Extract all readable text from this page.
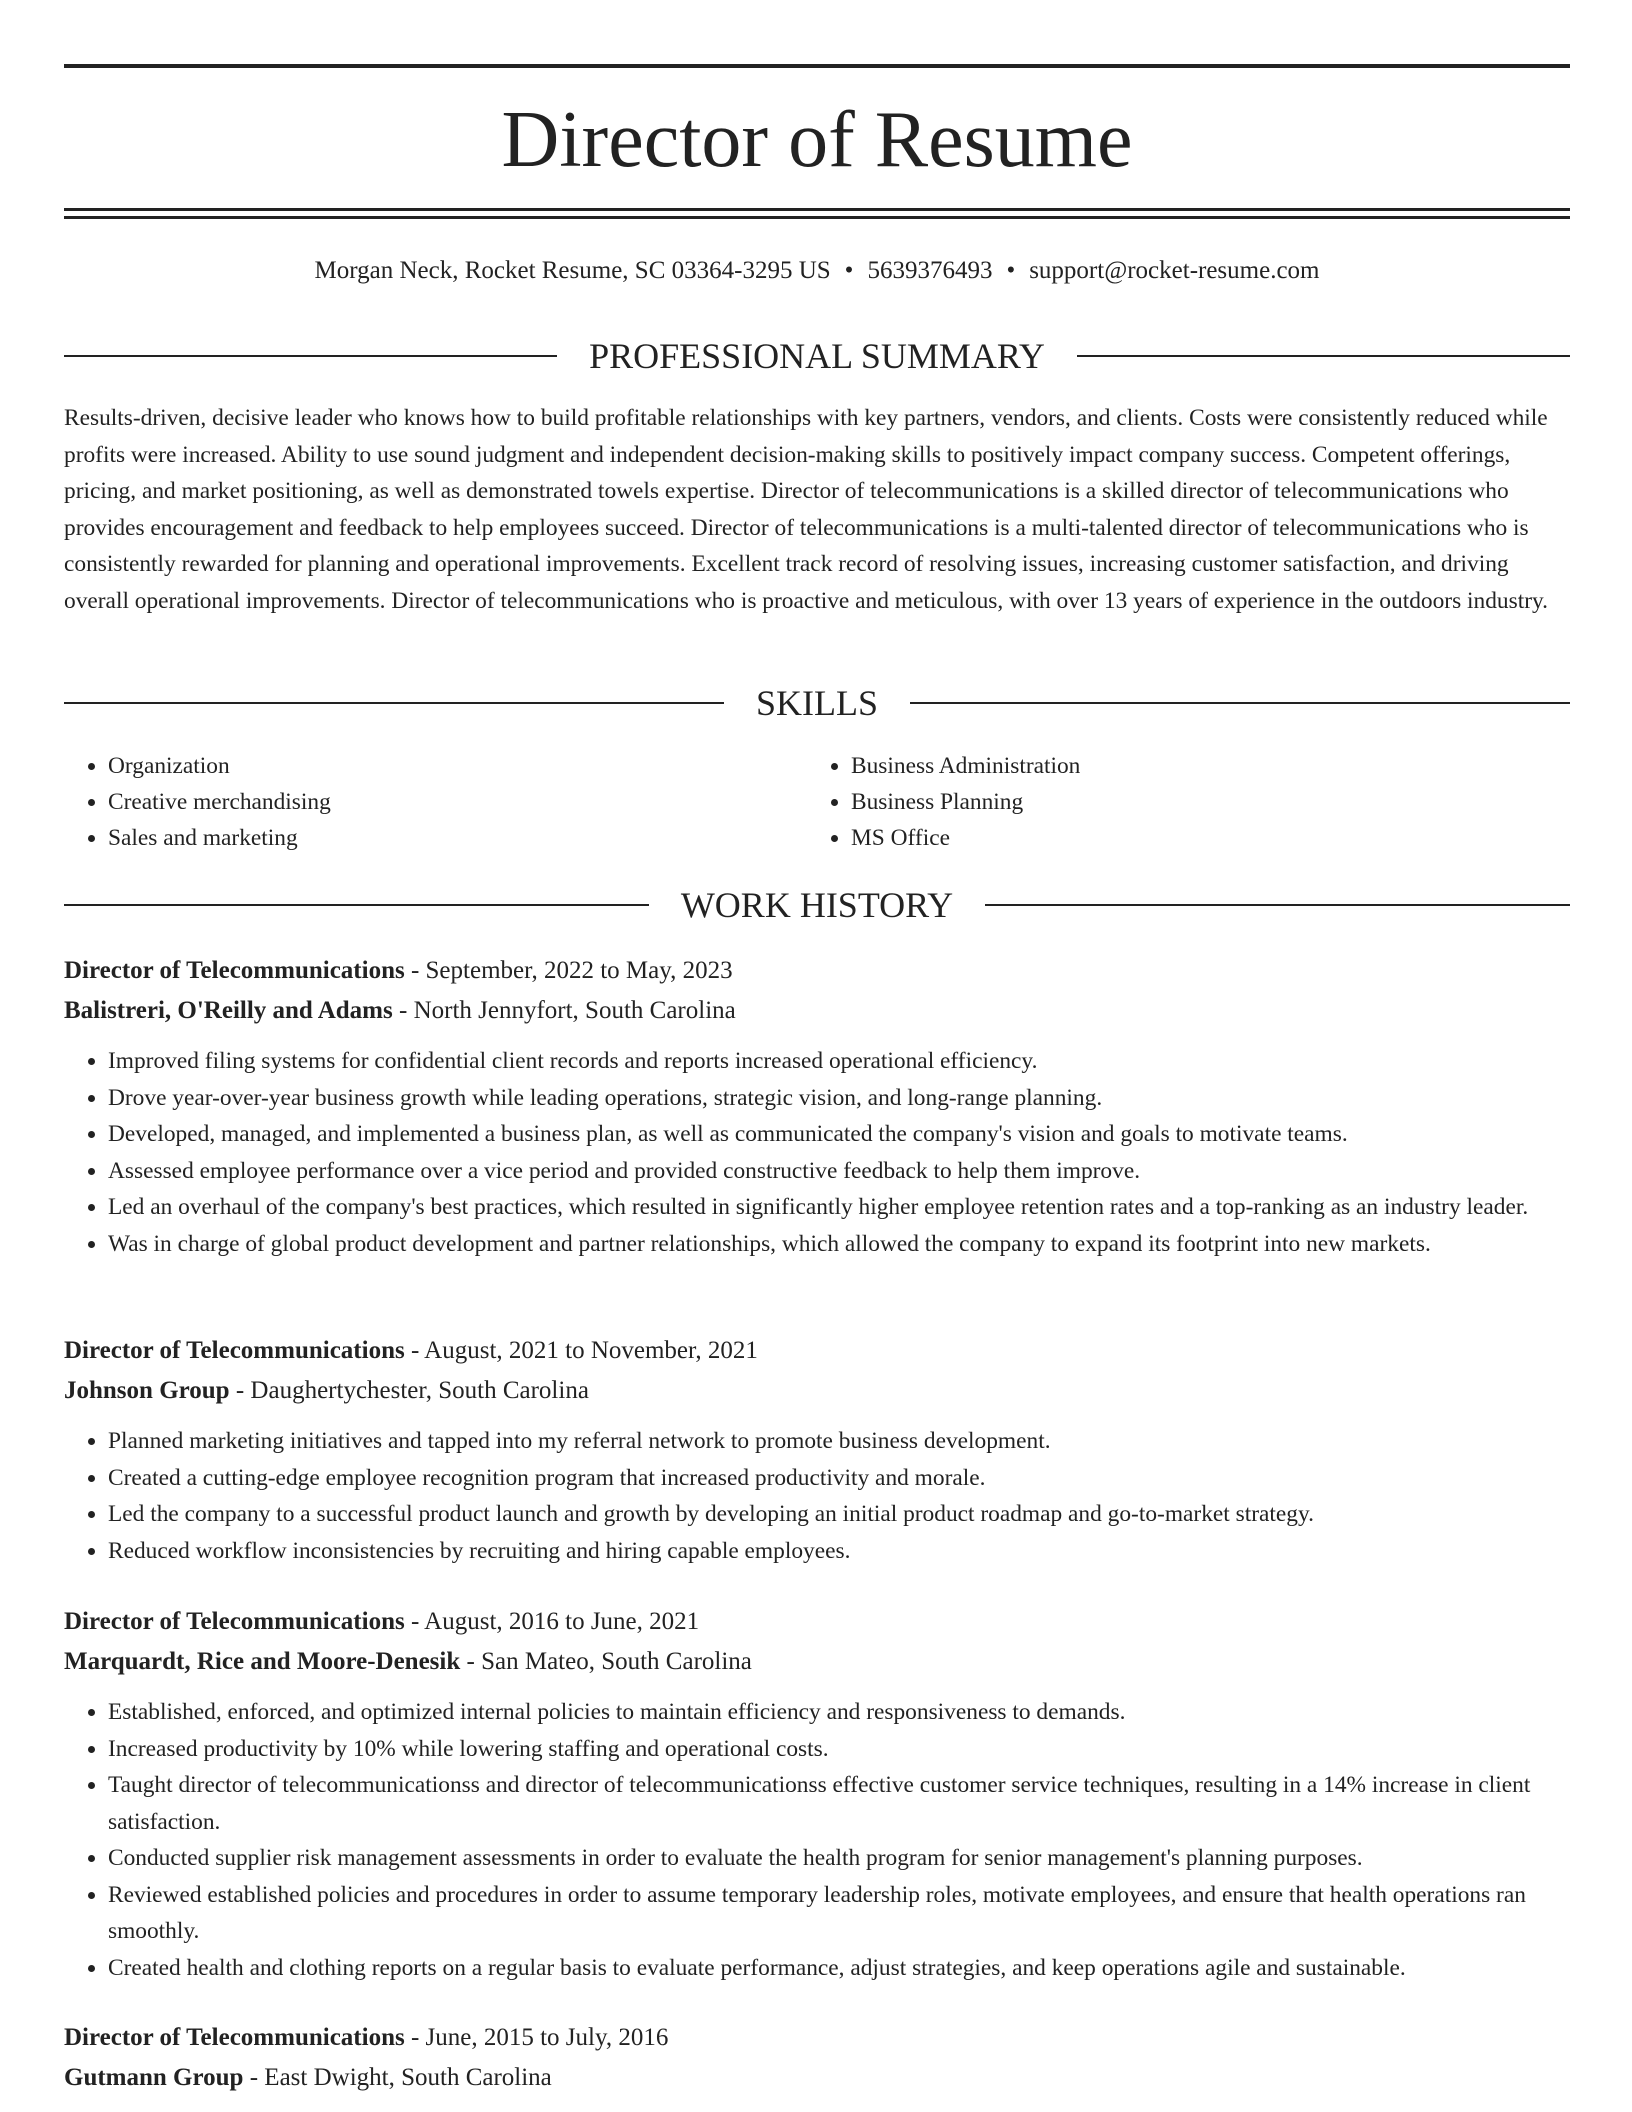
Director of Resume
Morgan Neck, Rocket Resume, SC 03364-3295 US • 5639376493 • support@rocket-resume.com
PROFESSIONAL SUMMARY

Results-driven, decisive leader who knows how to build profitable relationships with key partners, vendors, and clients. Costs were consistently reduced while profits were increased. Ability to use sound judgment and independent decision-making skills to positively impact company success. Competent offerings, pricing, and market positioning, as well as demonstrated towels expertise. Director of telecommunications is a skilled director of telecommunications who provides encouragement and feedback to help employees succeed. Director of telecommunications is a multi-talented director of telecommunications who is consistently rewarded for planning and operational improvements. Excellent track record of resolving issues, increasing customer satisfaction, and driving overall operational improvements. Director of telecommunications who is proactive and meticulous, with over 13 years of experience in the outdoors industry.

SKILLS
• Organization
• Creative merchandising
• Sales and marketing
• Business Administration
• Business Planning
• MS Office
WORK HISTORY
Director of Telecommunications - September, 2022 to May, 2023
Balistreri, O'Reilly and Adams - North Jennyfort, South Carolina
• Improved filing systems for confidential client records and reports increased operational efficiency.
• Drove year-over-year business growth while leading operations, strategic vision, and long-range planning.
• Developed, managed, and implemented a business plan, as well as communicated the company's vision and goals to motivate teams.
• Assessed employee performance over a vice period and provided constructive feedback to help them improve.
• Led an overhaul of the company's best practices, which resulted in significantly higher employee retention rates and a top-ranking as an industry leader.
• Was in charge of global product development and partner relationships, which allowed the company to expand its footprint into new markets.
Director of Telecommunications - August, 2021 to November, 2021
Johnson Group - Daughertychester, South Carolina
• Planned marketing initiatives and tapped into my referral network to promote business development.
• Created a cutting-edge employee recognition program that increased productivity and morale.
• Led the company to a successful product launch and growth by developing an initial product roadmap and go-to-market strategy.
• Reduced workflow inconsistencies by recruiting and hiring capable employees.
Director of Telecommunications - August, 2016 to June, 2021
Marquardt, Rice and Moore-Denesik - San Mateo, South Carolina
• Established, enforced, and optimized internal policies to maintain efficiency and responsiveness to demands.
• Increased productivity by 10% while lowering staffing and operational costs.
• Taught director of telecommunicationss and director of telecommunicationss effective customer service techniques, resulting in a 14% increase in client satisfaction.
• Conducted supplier risk management assessments in order to evaluate the health program for senior management's planning purposes.
• Reviewed established policies and procedures in order to assume temporary leadership roles, motivate employees, and ensure that health operations ran smoothly.
• Created health and clothing reports on a regular basis to evaluate performance, adjust strategies, and keep operations agile and sustainable.
Director of Telecommunications - June, 2015 to July, 2016
Gutmann Group - East Dwight, South Carolina
